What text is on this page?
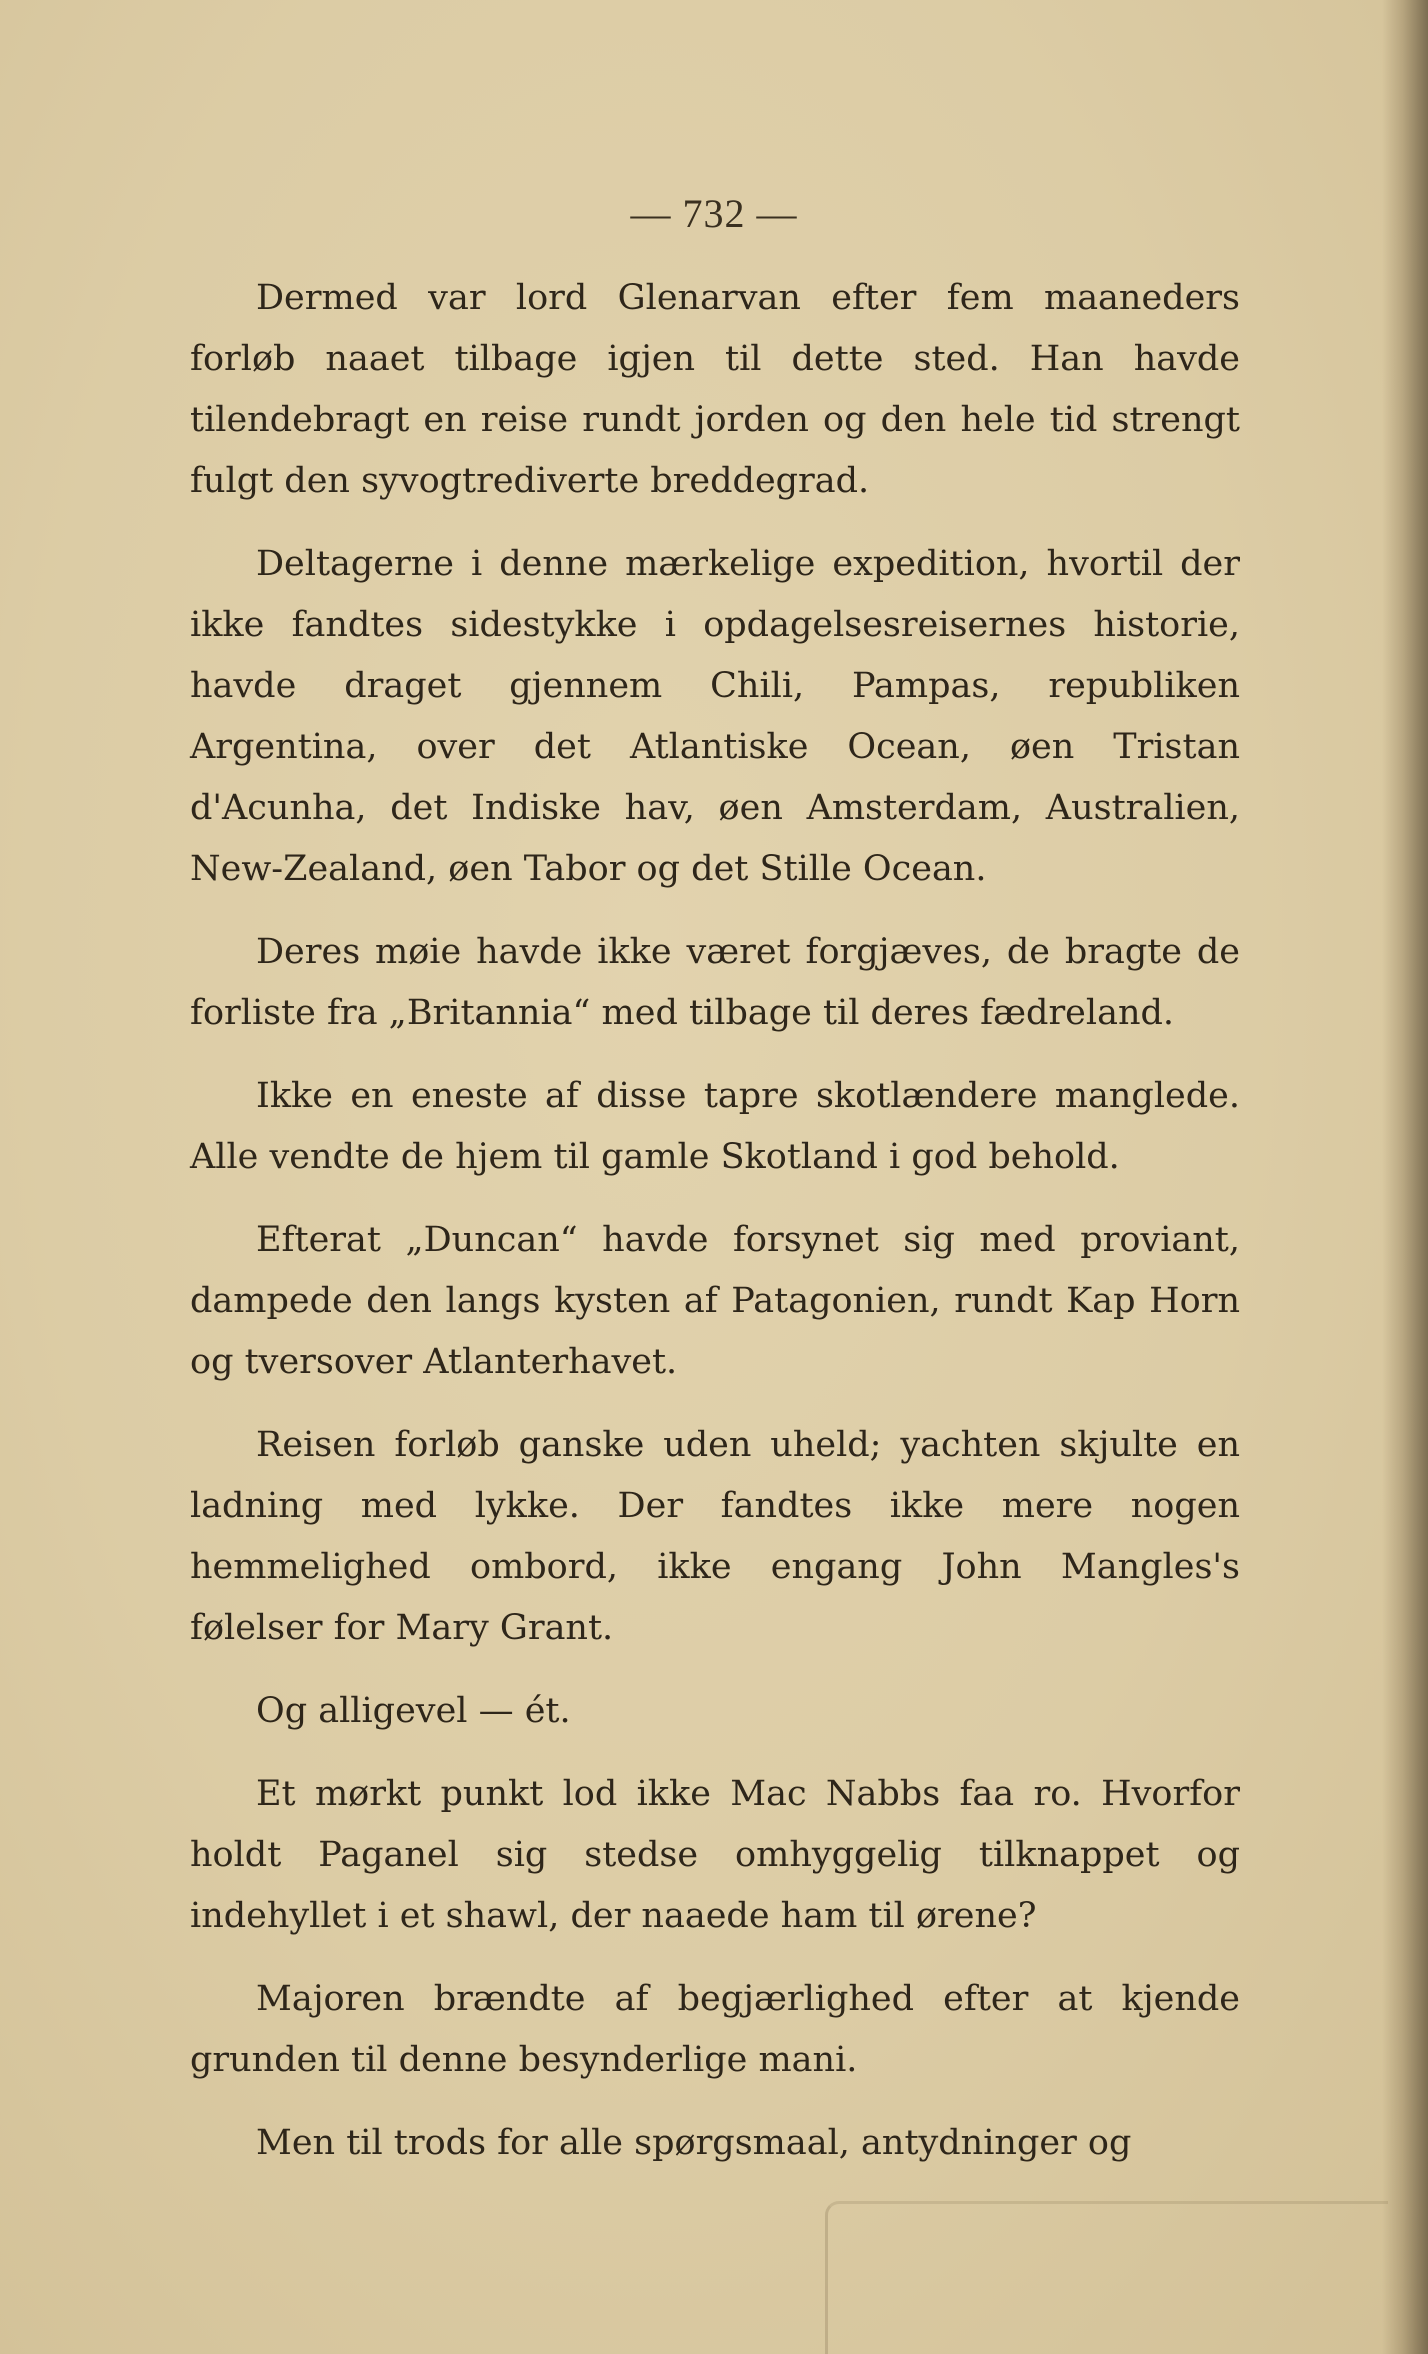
— 732 —

Dermed var lord Glenarvan efter fem maaneders forløb naaet tilbage igjen til dette sted. Han havde tilendebragt en reise rundt jorden og den hele tid strengt fulgt den syvogtrediverte breddegrad.

Deltagerne i denne mærkelige expedition, hvortil der ikke fandtes sidestykke i opdagelsesreisernes historie, havde draget gjennem Chili, Pampas, republiken Argentina, over det Atlantiske Ocean, øen Tristan d'Acunha, det Indiske hav, øen Amsterdam, Australien, New-Zealand, øen Tabor og det Stille Ocean.

Deres møie havde ikke været forgjæves, de bragte de forliste fra „Britannia“ med tilbage til deres fædreland.

Ikke en eneste af disse tapre skotlændere manglede. Alle vendte de hjem til gamle Skotland i god behold.

Efterat „Duncan“ havde forsynet sig med proviant, dampede den langs kysten af Patagonien, rundt Kap Horn og tversover Atlanterhavet.

Reisen forløb ganske uden uheld; yachten skjulte en ladning med lykke. Der fandtes ikke mere nogen hemmelighed ombord, ikke engang John Mangles's følelser for Mary Grant.

Og alligevel — ét.

Et mørkt punkt lod ikke Mac Nabbs faa ro. Hvorfor holdt Paganel sig stedse omhyggelig tilknappet og indehyllet i et shawl, der naaede ham til ørene?

Majoren brændte af begjærlighed efter at kjende grunden til denne besynderlige mani.

Men til trods for alle spørgsmaal, antydninger og
